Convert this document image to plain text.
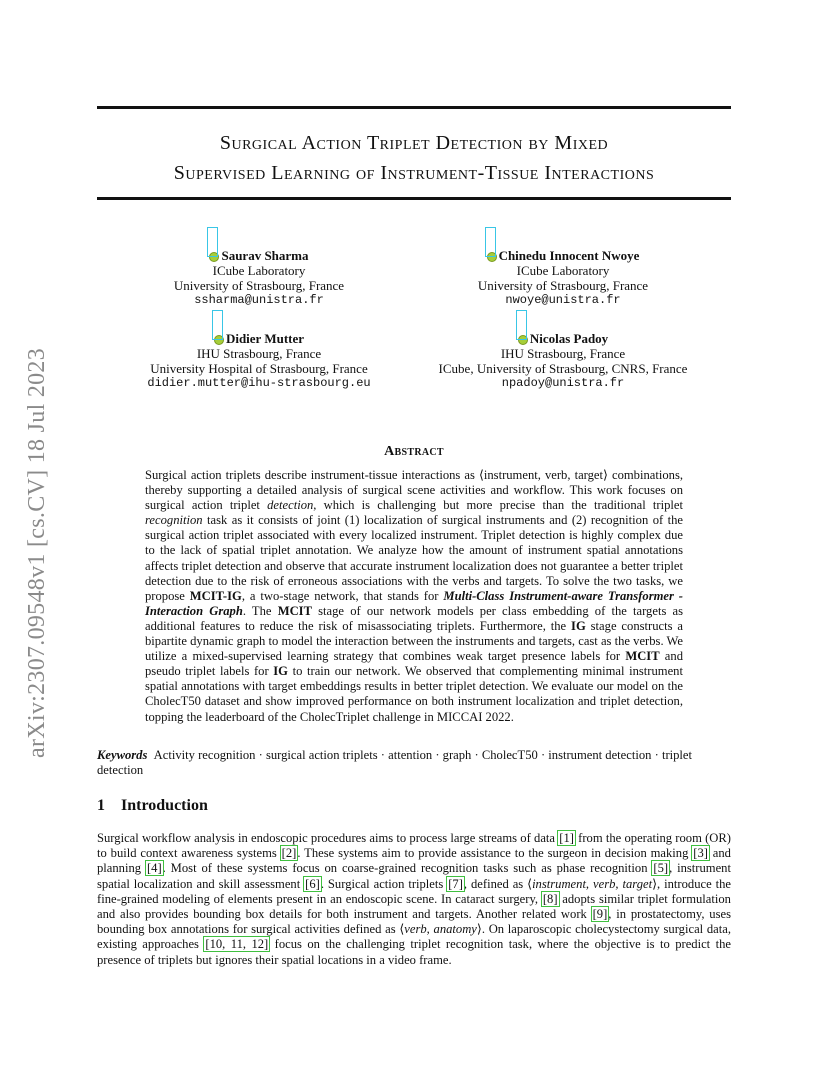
arXiv:2307.09548v1 [cs.CV] 18 Jul 2023
Surgical Action Triplet Detection by Mixed
Supervised Learning of Instrument-Tissue Interactions
Saurav Sharma
ICube Laboratory
University of Strasbourg, France
ssharma@unistra.fr
Chinedu Innocent Nwoye
ICube Laboratory
University of Strasbourg, France
nwoye@unistra.fr
Didier Mutter
IHU Strasbourg, France
University Hospital of Strasbourg, France
didier.mutter@ihu-strasbourg.eu
Nicolas Padoy
IHU Strasbourg, France
ICube, University of Strasbourg, CNRS, France
npadoy@unistra.fr
Abstract
Surgical action triplets describe instrument-tissue interactions as ⟨instrument, verb, target⟩ combinations, thereby supporting a detailed analysis of surgical scene activities and workflow. This work focuses on surgical action triplet detection, which is challenging but more precise than the traditional triplet recognition task as it consists of joint (1) localization of surgical instruments and (2) recognition of the surgical action triplet associated with every localized instrument. Triplet detection is highly complex due to the lack of spatial triplet annotation. We analyze how the amount of instrument spatial annotations affects triplet detection and observe that accurate instrument localization does not guarantee a better triplet detection due to the risk of erroneous associations with the verbs and targets. To solve the two tasks, we propose MCIT-IG, a two-stage network, that stands for Multi-Class Instrument-aware Transformer - Interaction Graph. The MCIT stage of our network models per class embedding of the targets as additional features to reduce the risk of misassociating triplets. Furthermore, the IG stage constructs a bipartite dynamic graph to model the interaction between the instruments and targets, cast as the verbs. We utilize a mixed-supervised learning strategy that combines weak target presence labels for MCIT and pseudo triplet labels for IG to train our network. We observed that complementing minimal instrument spatial annotations with target embeddings results in better triplet detection. We evaluate our model on the CholecT50 dataset and show improved performance on both instrument localization and triplet detection, topping the leaderboard of the CholecTriplet challenge in MICCAI 2022.
Keywords Activity recognition · surgical action triplets · attention · graph · CholecT50 · instrument detection · triplet detection
1 Introduction
Surgical workflow analysis in endoscopic procedures aims to process large streams of data [1] from the operating room (OR) to build context awareness systems [2]. These systems aim to provide assistance to the surgeon in decision making [3] and planning [4]. Most of these systems focus on coarse-grained recognition tasks such as phase recognition [5], instrument spatial localization and skill assessment [6]. Surgical action triplets [7], defined as ⟨instrument, verb, target⟩, introduce the fine-grained modeling of elements present in an endoscopic scene. In cataract surgery, [8] adopts similar triplet formulation and also provides bounding box details for both instrument and targets. Another related work [9], in prostatectomy, uses bounding box annotations for surgical activities defined as ⟨verb, anatomy⟩. On laparoscopic cholecystectomy surgical data, existing approaches [10, 11, 12] focus on the challenging triplet recognition task, where the objective is to predict the presence of triplets but ignores their spatial locations in a video frame.
